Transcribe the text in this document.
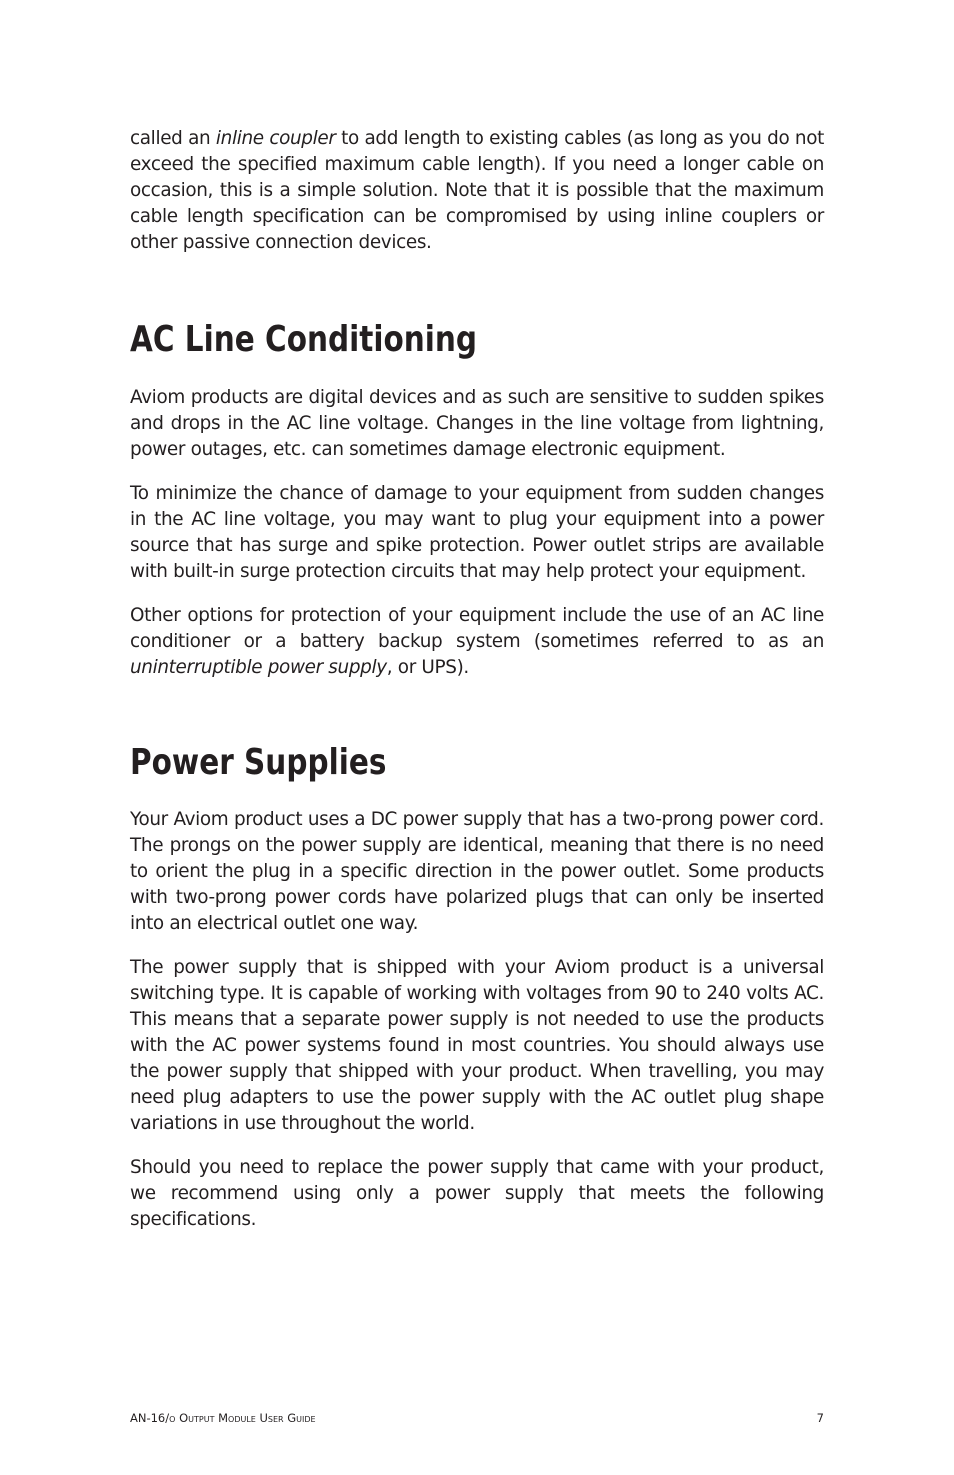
called an inline coupler to add length to existing cables (as long as you do not exceed the specified maximum cable length). If you need a longer cable on occasion, this is a simple solution. Note that it is possible that the maximum cable length specification can be compromised by using inline couplers or other passive connection devices.

AC Line Conditioning

Aviom products are digital devices and as such are sensitive to sudden spikes and drops in the AC line voltage. Changes in the line voltage from lightning, power outages, etc. can sometimes damage electronic equipment.

To minimize the chance of damage to your equipment from sudden changes in the AC line voltage, you may want to plug your equipment into a power source that has surge and spike protection. Power outlet strips are available with built-in surge protection circuits that may help protect your equipment.

Other options for protection of your equipment include the use of an AC line conditioner or a battery backup system (sometimes referred to as an uninterruptible power supply, or UPS).

Power Supplies

Your Aviom product uses a DC power supply that has a two-prong power cord. The prongs on the power supply are identical, meaning that there is no need to orient the plug in a specific direction in the power outlet. Some products with two-prong power cords have polarized plugs that can only be inserted into an electrical outlet one way.

The power supply that is shipped with your Aviom product is a universal switching type. It is capable of working with voltages from 90 to 240 volts AC. This means that a separate power supply is not needed to use the products with the AC power systems found in most countries. You should always use the power supply that shipped with your product. When travelling, you may need plug adapters to use the power supply with the AC outlet plug shape variations in use throughout the world.

Should you need to replace the power supply that came with your product, we recommend using only a power supply that meets the following specifications.

AN-16/o Output Module User Guide	7
